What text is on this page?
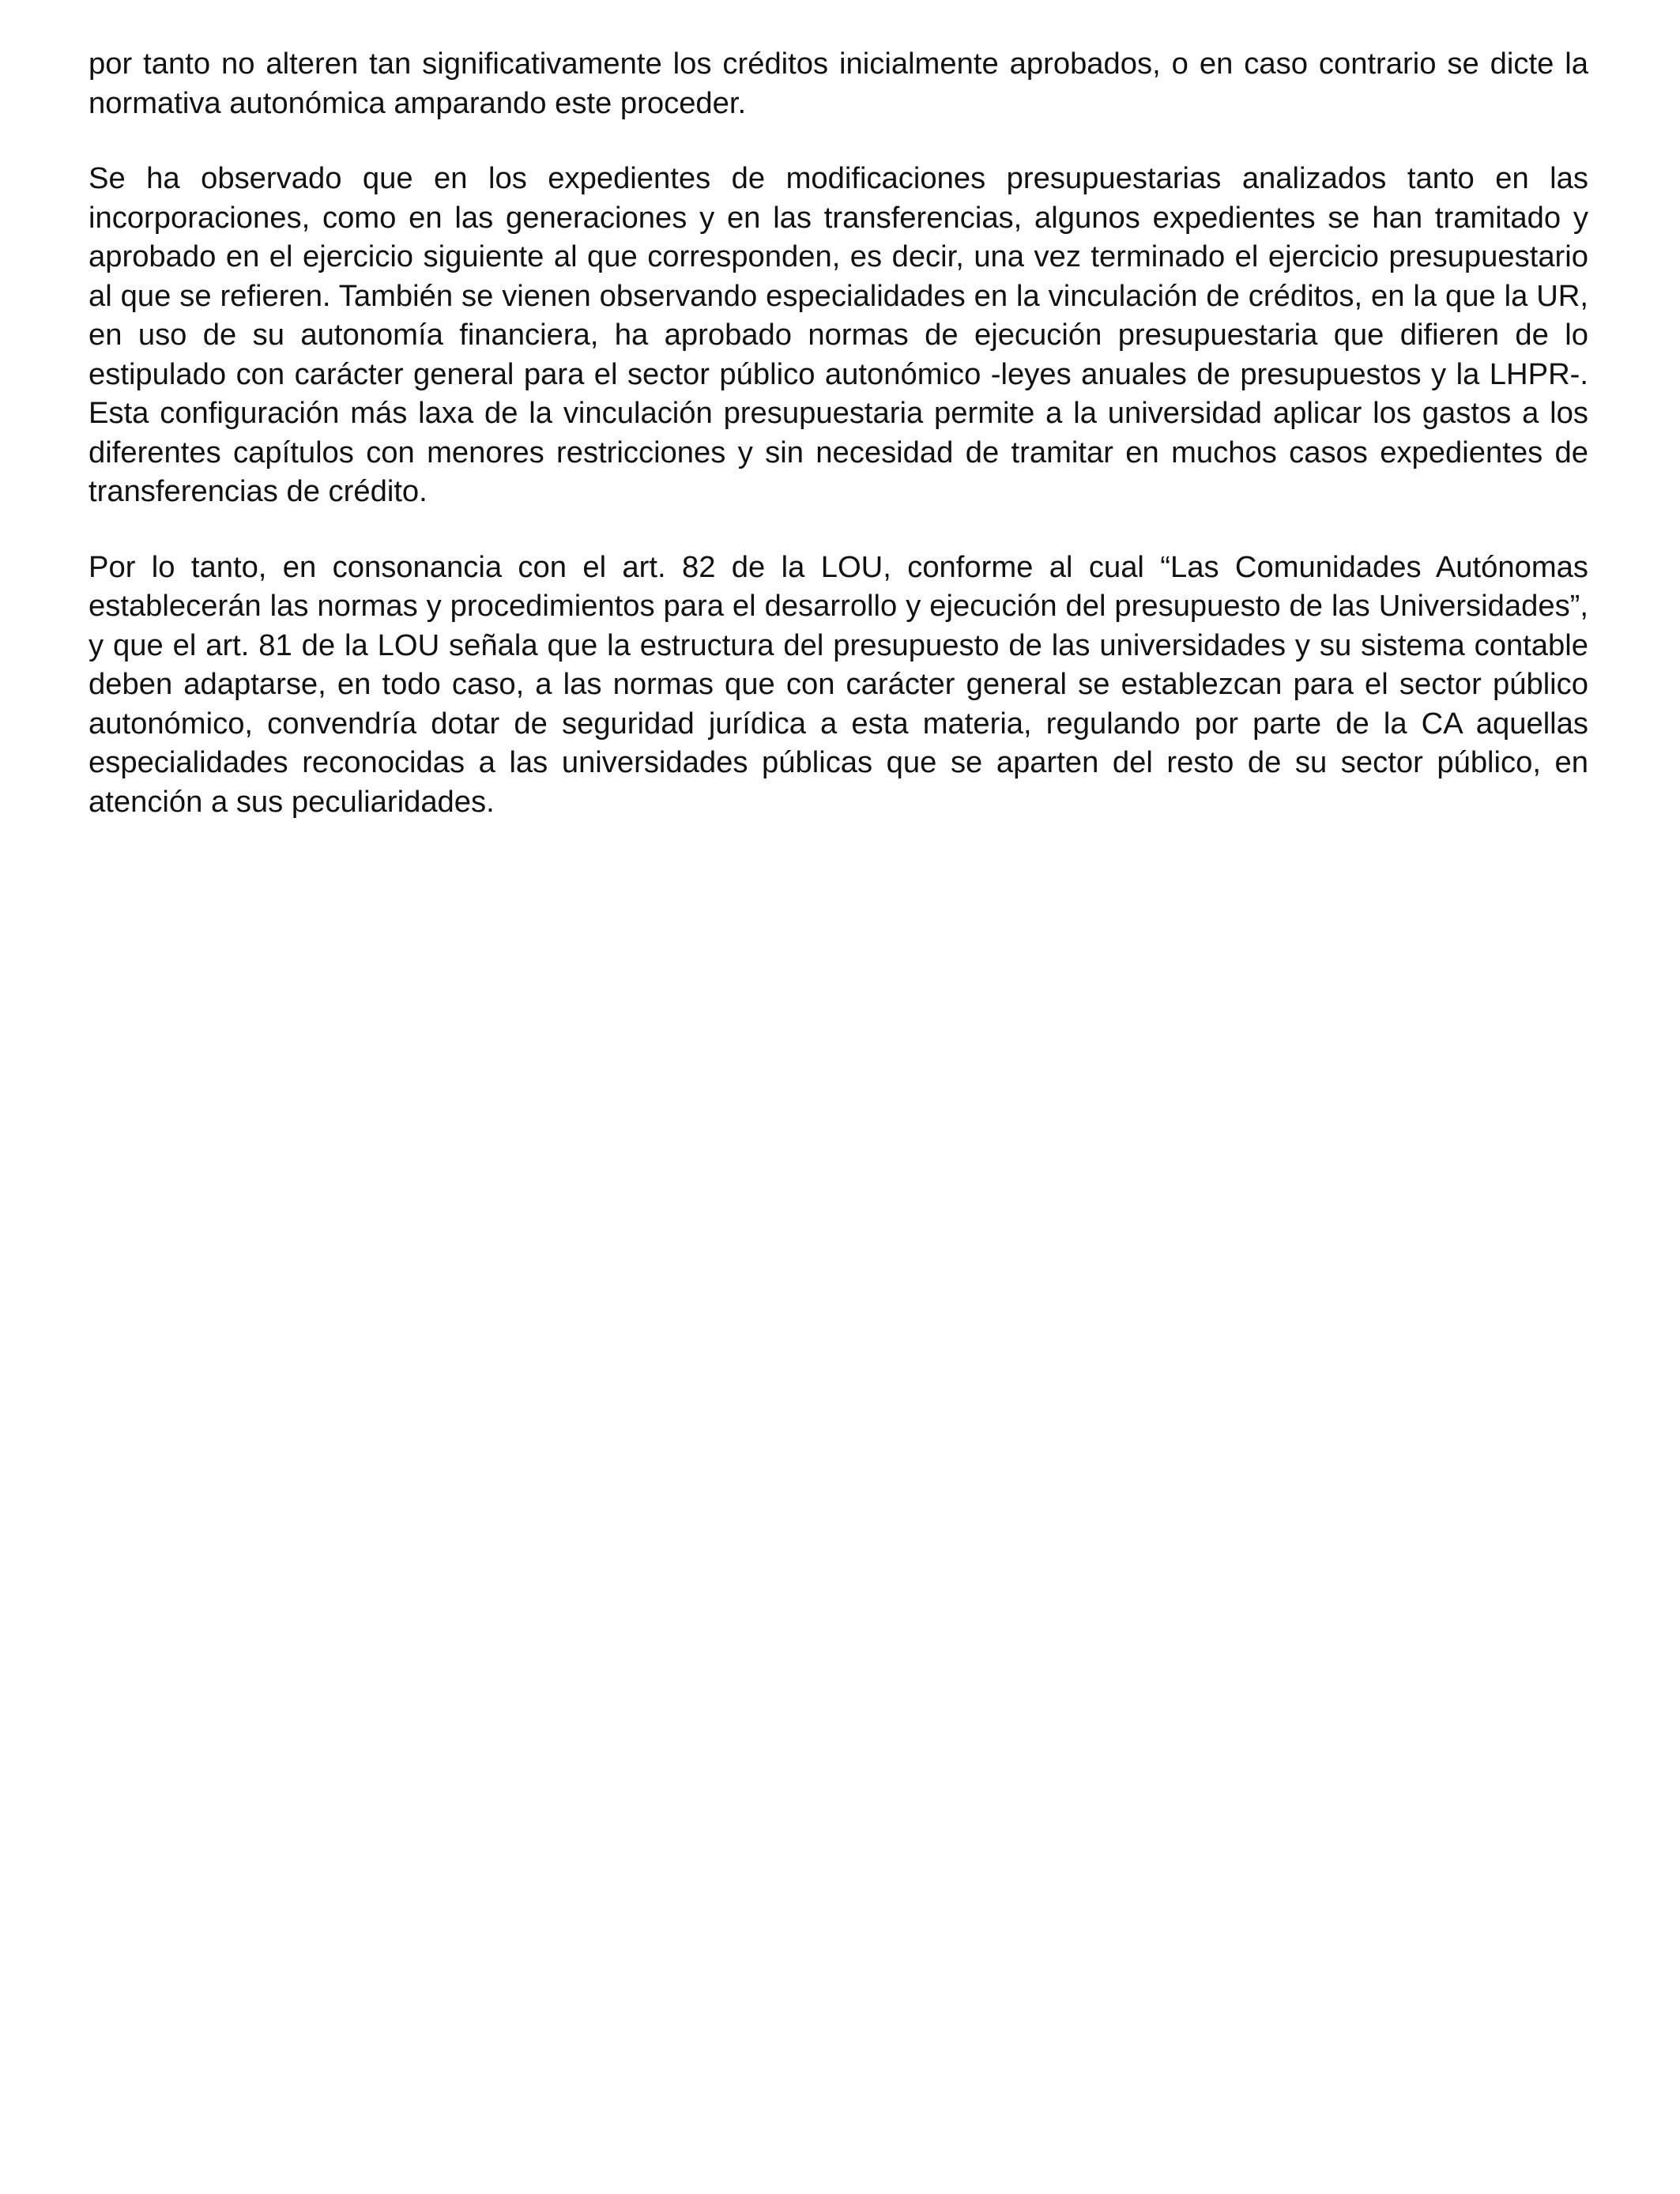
por tanto no alteren tan significativamente los créditos inicialmente aprobados, o en caso contrario se dicte la normativa autonómica amparando este proceder.

Se ha observado que en los expedientes de modificaciones presupuestarias analizados tanto en las incorporaciones, como en las generaciones y en las transferencias, algunos expedientes se han tramitado y aprobado en el ejercicio siguiente al que corresponden, es decir, una vez terminado el ejercicio presupuestario al que se refieren. También se vienen observando especialidades en la vinculación de créditos, en la que la UR, en uso de su autonomía financiera, ha aprobado normas de ejecución presupuestaria que difieren de lo estipulado con carácter general para el sector público autonómico -leyes anuales de presupuestos y la LHPR-. Esta configuración más laxa de la vinculación presupuestaria permite a la universidad aplicar los gastos a los diferentes capítulos con menores restricciones y sin necesidad de tramitar en muchos casos expedientes de transferencias de crédito.

Por lo tanto, en consonancia con el art. 82 de la LOU, conforme al cual “Las Comunidades Autónomas establecerán las normas y procedimientos para el desarrollo y ejecución del presupuesto de las Universidades”, y que el art. 81 de la LOU señala que la estructura del presupuesto de las universidades y su sistema contable deben adaptarse, en todo caso, a las normas que con carácter general se establezcan para el sector público autonómico, convendría dotar de seguridad jurídica a esta materia, regulando por parte de la CA aquellas especialidades reconocidas a las universidades públicas que se aparten del resto de su sector público, en atención a sus peculiaridades.
